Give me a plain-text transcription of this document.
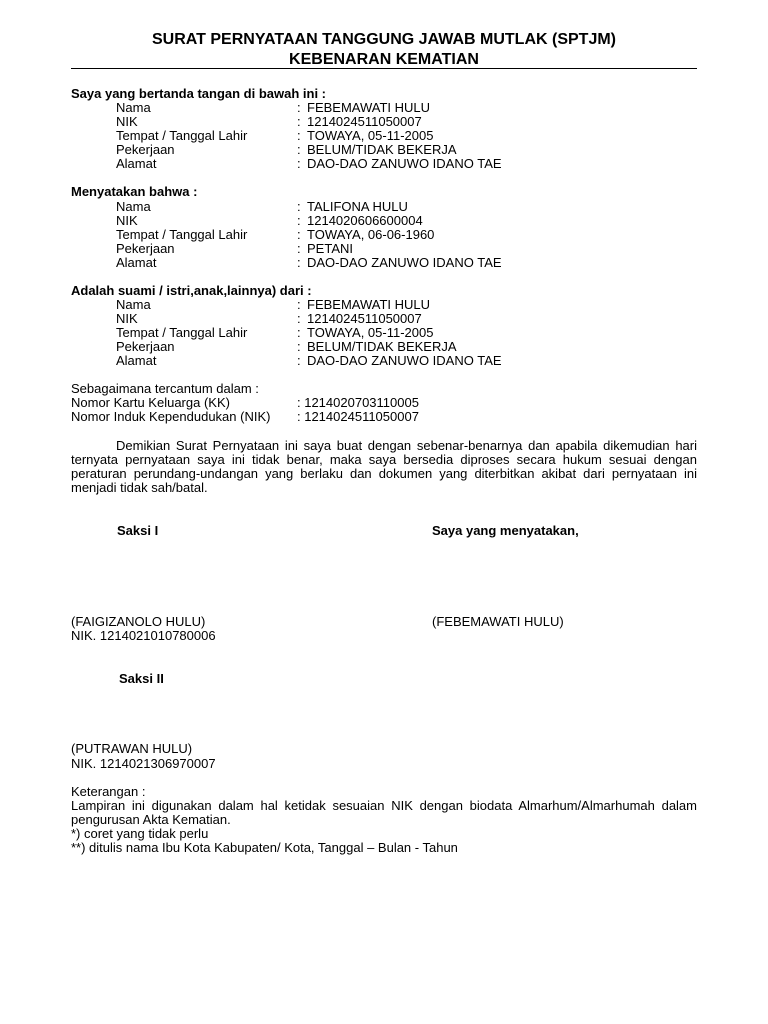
SURAT PERNYATAAN TANGGUNG JAWAB MUTLAK (SPTJM)
KEBENARAN KEMATIAN
Saya yang bertanda tangan di bawah ini :
Nama	: FEBEMAWATI HULU
NIK	: 1214024511050007
Tempat / Tanggal Lahir	: TOWAYA, 05-11-2005
Pekerjaan	: BELUM/TIDAK BEKERJA
Alamat	: DAO-DAO ZANUWO IDANO TAE
Menyatakan bahwa :
Nama	: TALIFONA HULU
NIK	: 1214020606600004
Tempat / Tanggal Lahir	: TOWAYA, 06-06-1960
Pekerjaan	: PETANI
Alamat	: DAO-DAO ZANUWO IDANO TAE
Adalah suami / istri,anak,lainnya) dari :
Nama	: FEBEMAWATI HULU
NIK	: 1214024511050007
Tempat / Tanggal Lahir	: TOWAYA, 05-11-2005
Pekerjaan	: BELUM/TIDAK BEKERJA
Alamat	: DAO-DAO ZANUWO IDANO TAE
Sebagaimana tercantum dalam :
Nomor Kartu Keluarga (KK)	: 1214020703110005
Nomor Induk Kependudukan (NIK) : 1214024511050007
Demikian Surat Pernyataan ini saya buat dengan sebenar-benarnya dan apabila dikemudian hari ternyata pernyataan saya ini tidak benar, maka saya bersedia diproses secara hukum sesuai dengan peraturan perundang-undangan yang berlaku dan dokumen yang diterbitkan akibat dari pernyataan ini menjadi tidak sah/batal.
Saksi I	Saya yang menyatakan,
(FAIGIZANOLO HULU)	(FEBEMAWATI HULU)
NIK. 1214021010780006
Saksi II
(PUTRAWAN HULU)
NIK. 1214021306970007
Keterangan :
Lampiran ini digunakan dalam hal ketidak sesuaian NIK dengan biodata Almarhum/Almarhumah dalam pengurusan Akta Kematian.
*) coret yang tidak perlu
**) ditulis nama Ibu Kota Kabupaten/ Kota, Tanggal – Bulan - Tahun
